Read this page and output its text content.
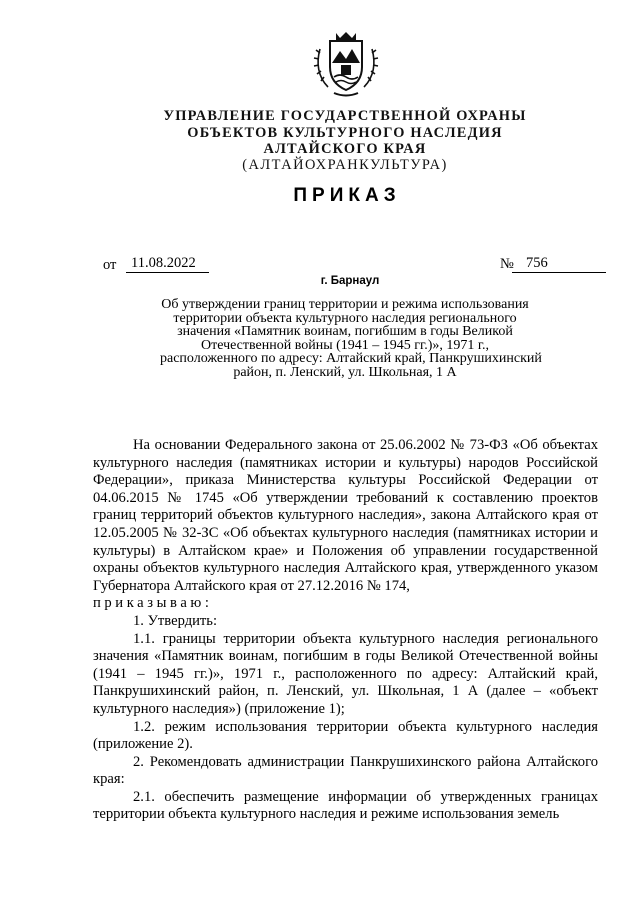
УПРАВЛЕНИЕ ГОСУДАРСТВЕННОЙ ОХРАНЫ
ОБЪЕКТОВ КУЛЬТУРНОГО НАСЛЕДИЯ
АЛТАЙСКОГО КРАЯ
(АЛТАЙОХРАНКУЛЬТУРА)
ПРИКАЗ
от	11.08.2022	№ 756
г. Барнаул
Об утверждении границ территории и режима использования
территории объекта культурного наследия регионального
значения «Памятник воинам, погибшим в годы Великой
Отечественной войны (1941 – 1945 гг.)», 1971 г.,
расположенного по адресу: Алтайский край, Панкрушихинский
район, п. Ленский, ул. Школьная, 1 А

На основании Федерального закона от 25.06.2002 № 73-ФЗ «Об объектах культурного наследия (памятниках истории и культуры) народов Российской Федерации», приказа Министерства культуры Российской Федерации от 04.06.2015 № 1745 «Об утверждении требований к составлению проектов границ территорий объектов культурного наследия», закона Алтайского края от 12.05.2005 № 32-ЗС «Об объектах культурного наследия (памятниках истории и культуры) в Алтайском крае» и Положения об управлении государственной охраны объектов культурного наследия Алтайского края, утвержденного указом Губернатора Алтайского края от 27.12.2016 № 174,

приказываю:

1. Утвердить:

1.1. границы территории объекта культурного наследия регионального значения «Памятник воинам, погибшим в годы Великой Отечественной войны (1941 – 1945 гг.)», 1971 г., расположенного по адресу: Алтайский край, Панкрушихинский район, п. Ленский, ул. Школьная, 1 А (далее – «объект культурного наследия») (приложение 1);

1.2. режим использования территории объекта культурного наследия (приложение 2).

2. Рекомендовать администрации Панкрушихинского района Алтайского края:

2.1. обеспечить размещение информации об утвержденных границах территории объекта культурного наследия и режиме использования земель
